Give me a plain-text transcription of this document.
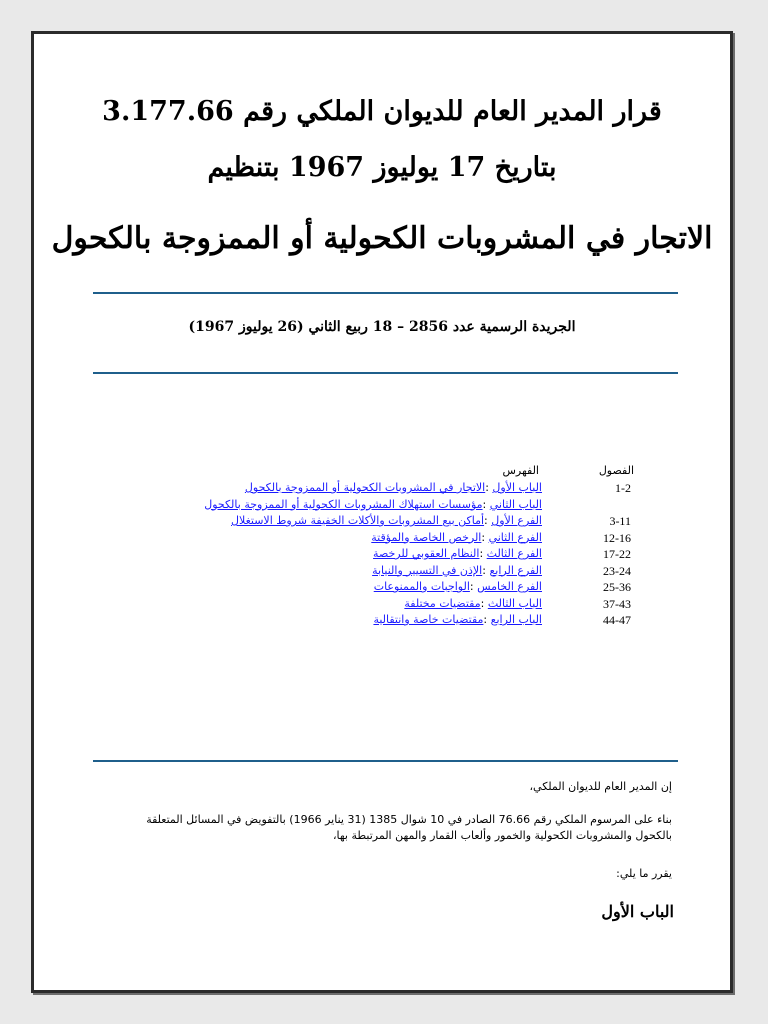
قرار المدير العام للديوان الملكي رقم 3.177.66
بتاريخ 17 يوليوز 1967 بتنظيم
الاتجار في المشروبات الكحولية أو الممزوجة بالكحول
الجريدة الرسمية عدد 2856 – 18 ربيع الثاني (26 يوليوز 1967)
الفصول
الفهرس
1-2
الباب الأول :الاتجار في المشروبات الكحولية أو الممزوجة بالكحول
الباب الثاني :مؤسسات استهلاك المشروبات الكحولية أو الممزوجة بالكحول
3-11
الفرع الأول :أماكن بيع المشروبات والأكلات الخفيفة شروط الاستغلال
12-16
الفرع الثاني :الرخص الخاصة والمؤقتة
17-22
الفرع الثالث :النظام العقوبي للرخصة
23-24
الفرع الرابع :الإذن في التسيير والنيابة
25-36
الفرع الخامس :الواجبات والممنوعات
37-43
الباب الثالث :مقتضيات مختلفة
44-47
الباب الرابع :مقتضيات خاصة وانتقالية
إن المدير العام للديوان الملكي،
بناء على المرسوم الملكي رقم 76.66 الصادر في 10 شوال 1385 (31 يناير 1966) بالتفويض في المسائل المتعلقة بالكحول والمشروبات الكحولية والخمور وألعاب القمار والمهن المرتبطة بها،
يقرر ما يلي:
الباب الأول
